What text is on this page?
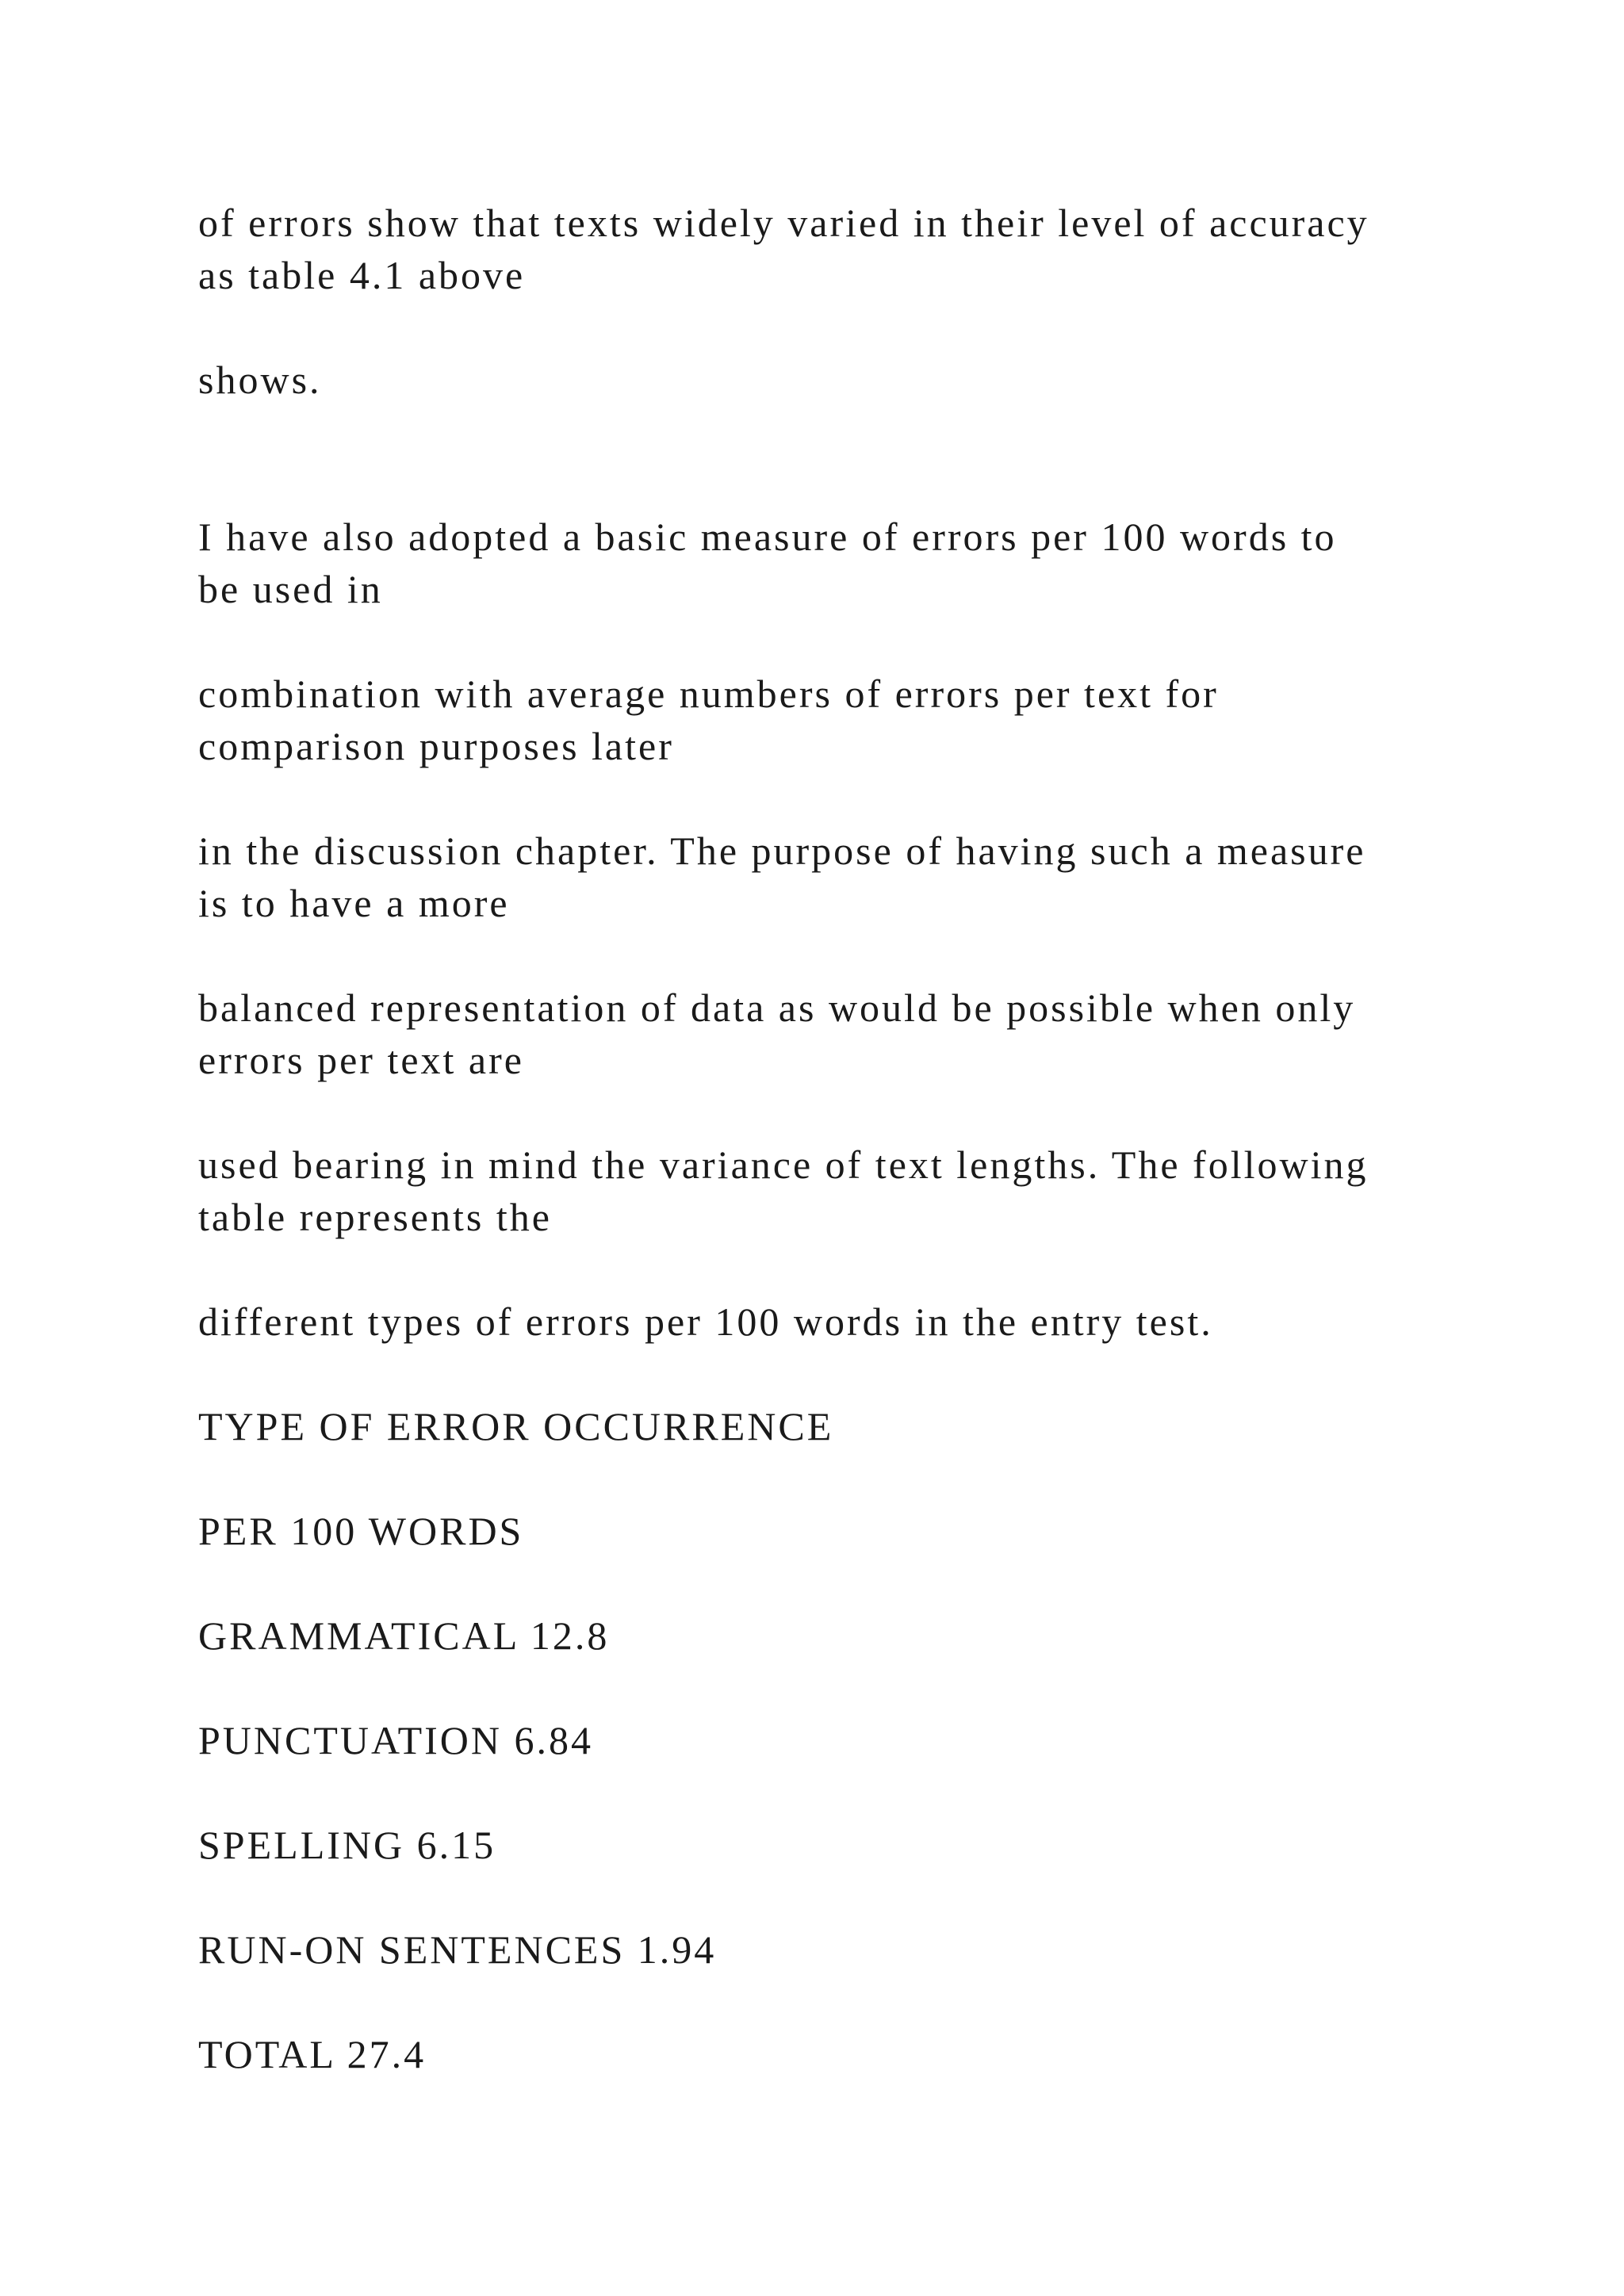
of errors show that texts widely varied in their level of accuracy

as table 4.1 above

shows.

I have also adopted a basic measure of errors per 100 words to

be used in

combination with average numbers of errors per text for

comparison purposes later

in the discussion chapter. The purpose of having such a measure

is to have a more

balanced representation of data as would be possible when only

errors per text are

used bearing in mind the variance of text lengths. The following

table represents the

different types of errors per 100 words in the entry test.

TYPE OF ERROR OCCURRENCE

PER 100 WORDS

GRAMMATICAL 12.8

PUNCTUATION 6.84

SPELLING 6.15

RUN-ON SENTENCES 1.94

TOTAL 27.4
